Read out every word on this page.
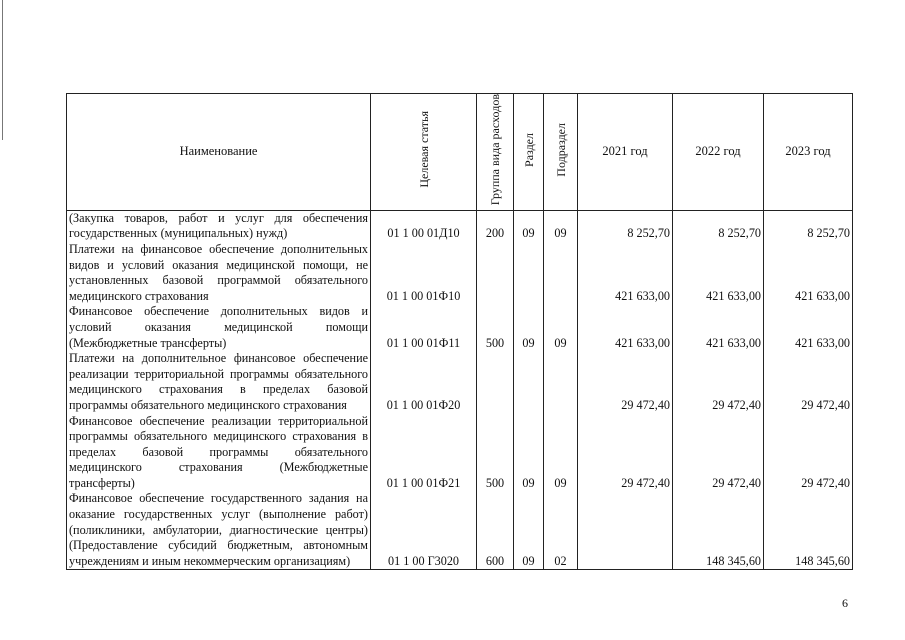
Наименование	Целевая статья	Группа вида расходов	Раздел	Подраздел	2021 год	2022 год	2023 год
(Закупка товаров, работ и услуг для обеспечения государственных (муниципальных) нужд)	01 1 00 01Д10	200	09	09	8 252,70	8 252,70	8 252,70
Платежи на финансовое обеспечение дополнительных видов и условий оказания медицинской помощи, не установленных базовой программой обязательного медицинского страхования	01 1 00 01Ф10				421 633,00	421 633,00	421 633,00
Финансовое обеспечение дополнительных видов и условий оказания медицинской помощи (Межбюджетные трансферты)	01 1 00 01Ф11	500	09	09	421 633,00	421 633,00	421 633,00
Платежи на дополнительное финансовое обеспечение реализации территориальной программы обязательного медицинского страхования в пределах базовой программы обязательного медицинского страхования	01 1 00 01Ф20				29 472,40	29 472,40	29 472,40
Финансовое обеспечение реализации территориальной программы обязательного медицинского страхования в пределах базовой программы обязательного медицинского страхования (Межбюджетные трансферты)	01 1 00 01Ф21	500	09	09	29 472,40	29 472,40	29 472,40
Финансовое обеспечение государственного задания на оказание государственных услуг (выполнение работ) (поликлиники, амбулатории, диагностические центры) (Предоставление субсидий бюджетным, автономным учреждениям и иным некоммерческим организациям)	01 1 00 Г3020	600	09	02		148 345,60	148 345,60
6
